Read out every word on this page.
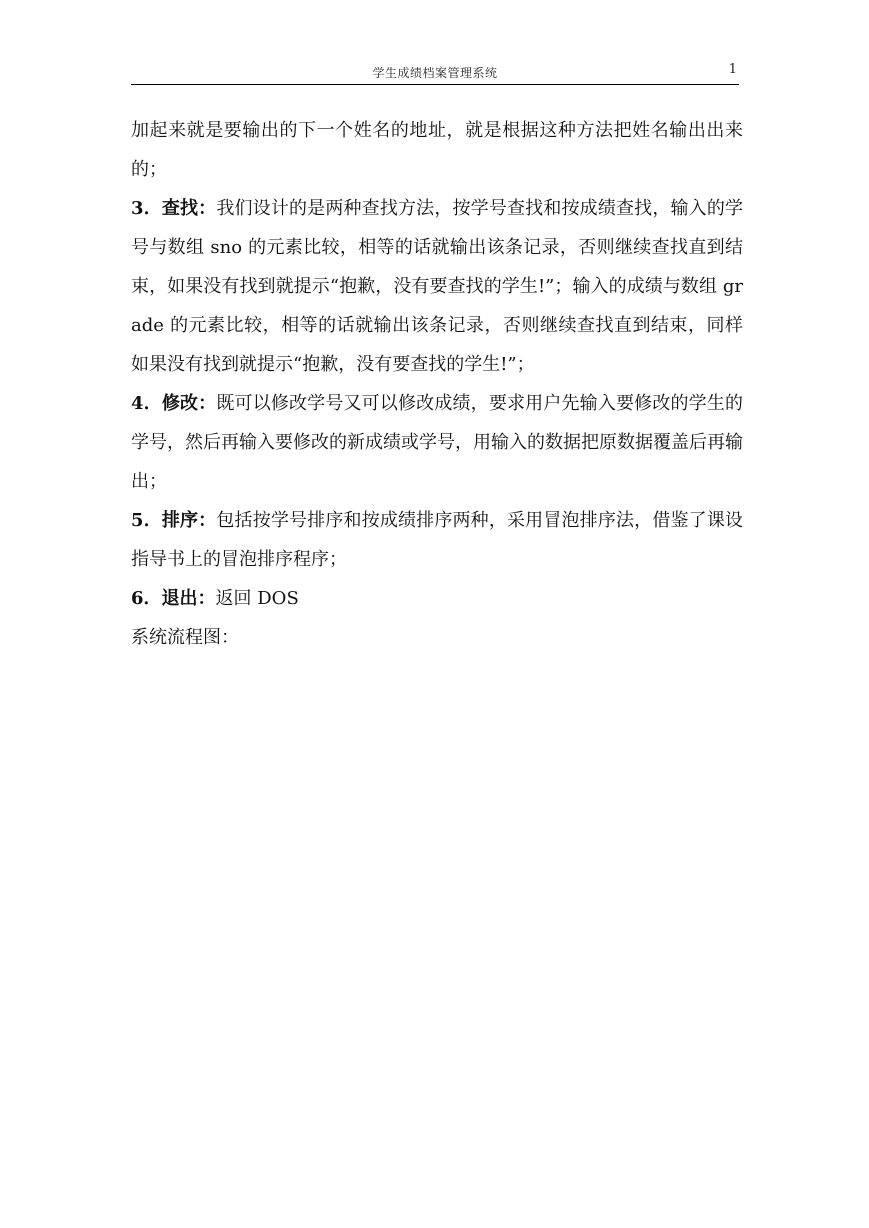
学生成绩档案管理系统	1

加起来就是要输出的下一个姓名的地址，就是根据这种方法把姓名输出出来的；

3．查找：我们设计的是两种查找方法，按学号查找和按成绩查找，输入的学号与数组 sno 的元素比较，相等的话就输出该条记录，否则继续查找直到结束，如果没有找到就提示“抱歉，没有要查找的学生!”；输入的成绩与数组 grade 的元素比较，相等的话就输出该条记录，否则继续查找直到结束，同样如果没有找到就提示“抱歉，没有要查找的学生!”；

4．修改：既可以修改学号又可以修改成绩，要求用户先输入要修改的学生的学号，然后再输入要修改的新成绩或学号，用输入的数据把原数据覆盖后再输出；

5．排序：包括按学号排序和按成绩排序两种，采用冒泡排序法，借鉴了课设指导书上的冒泡排序程序；

6．退出：返回 DOS

系统流程图：
